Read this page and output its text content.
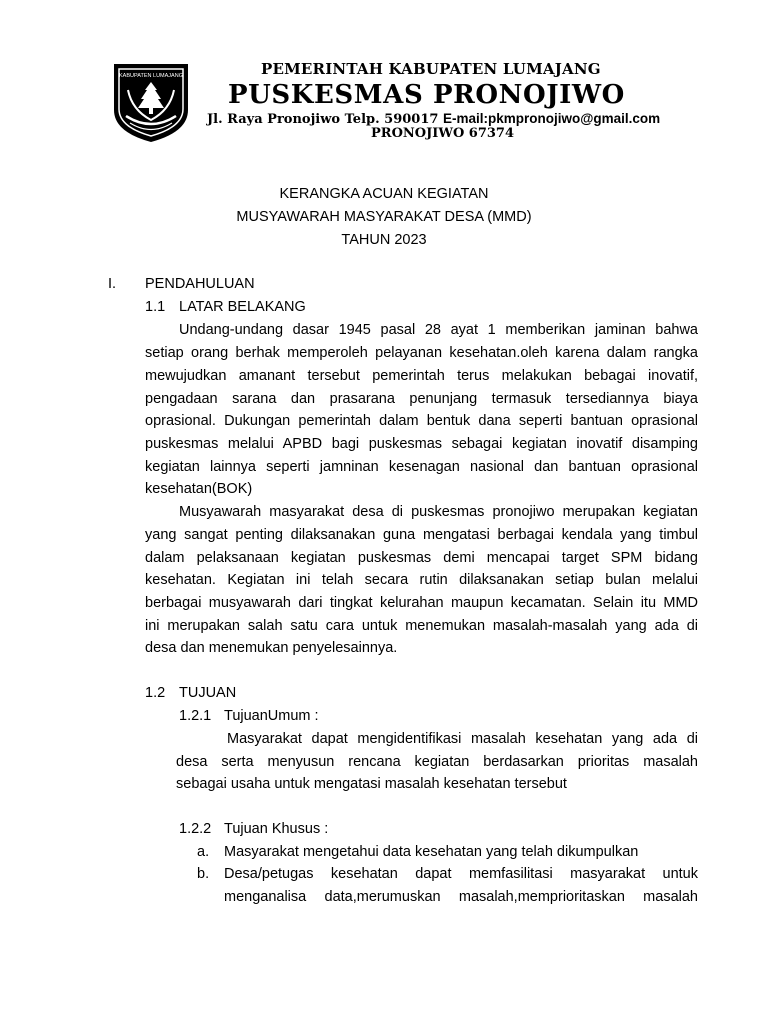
KABUPATEN LUMAJANG	PEMERINTAH KABUPATEN LUMAJANG
PUSKESMAS PRONOJIWO
Jl. Raya Pronojiwo Telp. 590017 E-mail:pkmpronojiwo@gmail.com
PRONOJIWO 67374
KERANGKA ACUAN KEGIATAN
MUSYAWARAH MASYARAKAT DESA (MMD)
TAHUN 2023
I. PENDAHULUAN
1.1 LATAR BELAKANG
Undang-undang dasar 1945 pasal 28 ayat 1 memberikan jaminan bahwa
setiap orang berhak memperoleh pelayanan kesehatan.oleh karena dalam rangka
mewujudkan amanant tersebut pemerintah terus melakukan bebagai inovatif,
pengadaan sarana dan prasarana penunjang termasuk tersediannya biaya
oprasional. Dukungan pemerintah dalam bentuk dana seperti bantuan oprasional
puskesmas melalui APBD bagi puskesmas sebagai kegiatan inovatif disamping
kegiatan lainnya seperti jamninan kesenagan nasional dan bantuan oprasional
kesehatan(BOK)
Musyawarah masyarakat desa di puskesmas pronojiwo merupakan kegiatan
yang sangat penting dilaksanakan guna mengatasi berbagai kendala yang timbul
dalam pelaksanaan kegiatan puskesmas demi mencapai target SPM bidang
kesehatan. Kegiatan ini telah secara rutin dilaksanakan setiap bulan melalui
berbagai musyawarah dari tingkat kelurahan maupun kecamatan. Selain itu MMD
ini merupakan salah satu cara untuk menemukan masalah-masalah yang ada di
desa dan menemukan penyelesainnya.
1.2 TUJUAN
1.2.1 TujuanUmum :
Masyarakat dapat mengidentifikasi masalah kesehatan yang ada di
desa serta menyusun rencana kegiatan berdasarkan prioritas masalah
sebagai usaha untuk mengatasi masalah kesehatan tersebut
1.2.2 Tujuan Khusus :
a. Masyarakat mengetahui data kesehatan yang telah dikumpulkan
b. Desa/petugas kesehatan dapat memfasilitasi masyarakat untuk
menganalisa data,merumuskan masalah,memprioritaskan masalah
